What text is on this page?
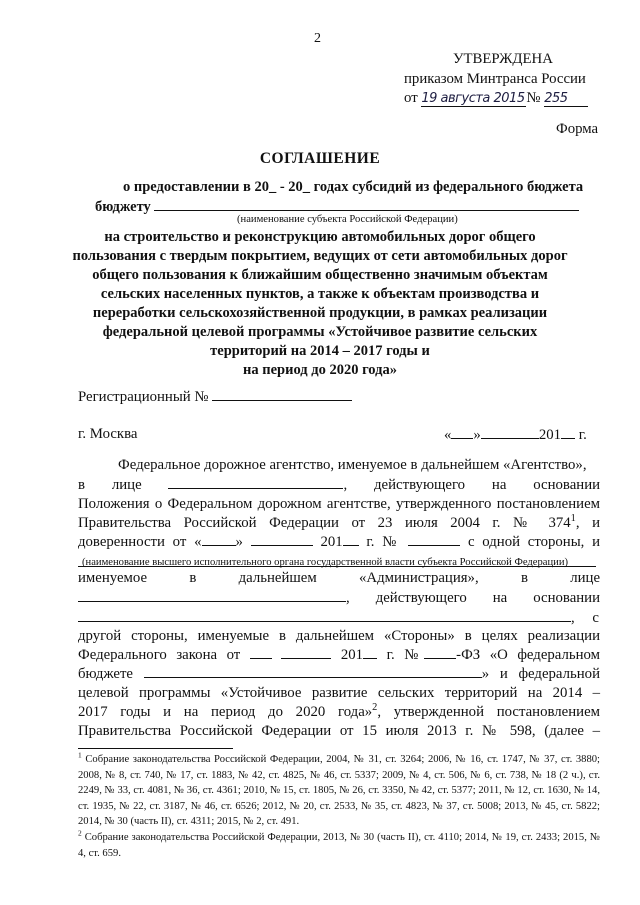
2
УТВЕРЖДЕНА
приказом Минтранса России
от 19 августа 2015 № 255
Форма
СОГЛАШЕНИЕ
о предоставлении в 20_ - 20_ годах субсидий из федерального бюджета
бюджету
(наименование субъекта Российской Федерации)
на строительство и реконструкцию автомобильных дорог общего
пользования с твердым покрытием, ведущих от сети автомобильных дорог
общего пользования к ближайшим общественно значимым объектам
сельских населенных пунктов, а также к объектам производства и
переработки сельскохозяйственной продукции, в рамках реализации
федеральной целевой программы «Устойчивое развитие сельских
территорий на 2014 – 2017 годы и
на период до 2020 года»
Регистрационный №
г. Москва	« »	201 г.
Федеральное дорожное агентство, именуемое в дальнейшем «Агентство»,
в лице	, действующего на основании
Положения о Федеральном дорожном агентстве, утвержденного постановлением
Правительства Российской Федерации от 23 июля 2004 г. № $374^1$, и
доверенности от « »	201 г. №	с одной стороны, и
(наименование высшего исполнительного органа государственной власти субъекта Российской Федерации)
именуемое	в	дальнейшем	«Администрация»,	в	лице
, действующего на основании
, с
другой стороны, именуемые в дальнейшем «Стороны» в целях реализации
Федерального закона от	201 г. № -ФЗ «О федеральном
бюджете	» и федеральной
целевой программы «Устойчивое развитие сельских территорий на 2014 –
2017 годы и на период до 2020 года»$^2$, утвержденной постановлением
Правительства Российской Федерации от 15 июля 2013 г. № 598, (далее –

$^1$ Собрание законодательства Российской Федерации, 2004, № 31, ст. 3264; 2006, № 16, ст. 1747, № 37, ст. 3880; 2008, № 8, ст. 740, № 17, ст. 1883, № 42, ст. 4825, № 46, ст. 5337; 2009, № 4, ст. 506, № 6, ст. 738, № 18 (2 ч.), ст. 2249, № 33, ст. 4081, № 36, ст. 4361; 2010, № 15, ст. 1805, № 26, ст. 3350, № 42, ст. 5377; 2011, № 12, ст. 1630, № 14, ст. 1935, № 22, ст. 3187, № 46, ст. 6526; 2012, № 20, ст. 2533, № 35, ст. 4823, № 37, ст. 5008; 2013, № 45, ст. 5822; 2014, № 30 (часть II), ст. 4311; 2015, № 2, ст. 491.

$^2$ Собрание законодательства Российской Федерации, 2013, № 30 (часть II), ст. 4110; 2014, № 19, ст. 2433; 2015, № 4, ст. 659.
